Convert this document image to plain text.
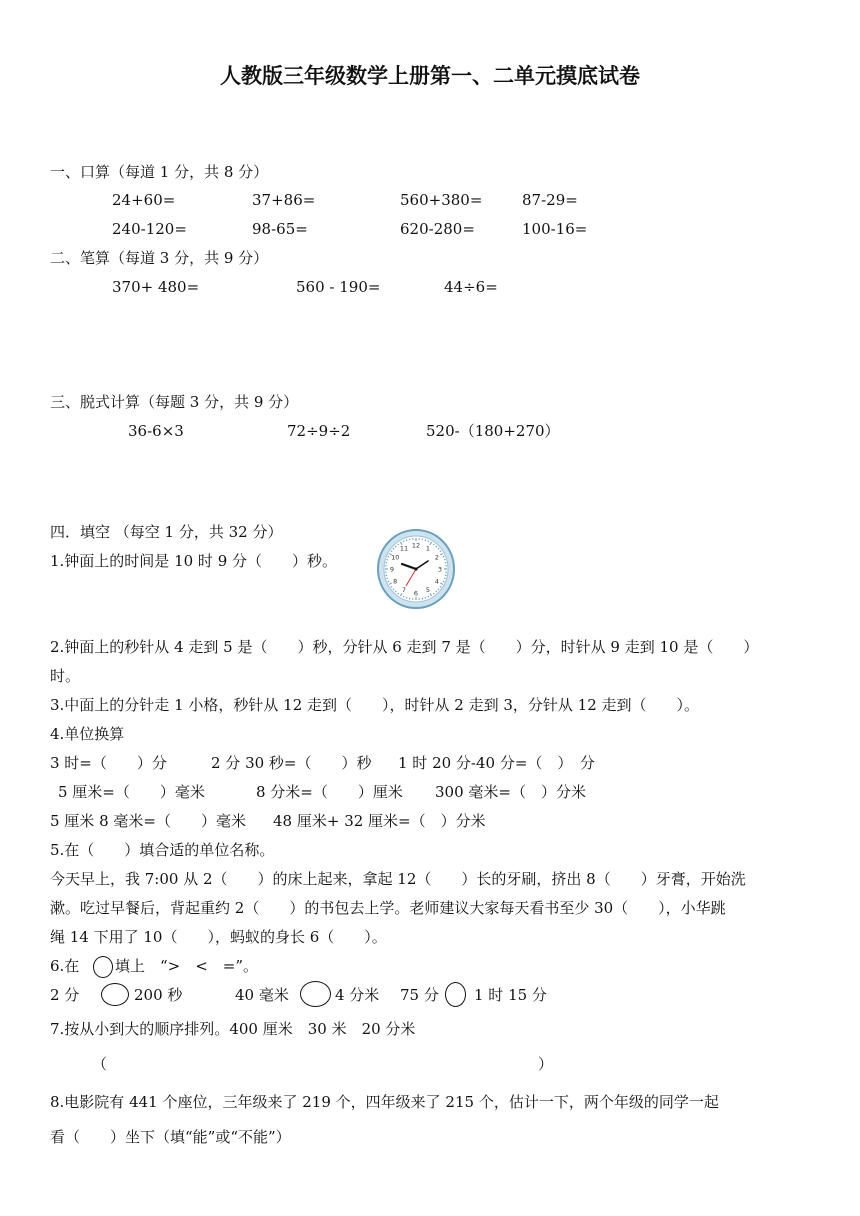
人教版三年级数学上册第一、二单元摸底试卷
一、口算（每道 1 分，共 8 分）
24+60=	37+86=	560+380=	87-29=
240-120=	98-65=	620-280=	100-16=
二、笔算（每道 3 分，共 9 分）
370+ 480=	560 - 190=	44÷6=
三、脱式计算（每题 3 分，共 9 分）
36-6×3	72÷9÷2	520-（180+270）
四．填空 （每空 1 分，共 32 分）
1.钟面上的时间是 10 时 9 分（　　）秒。
12 1
2
3
4
5
6
7
8
9
10
11
2.钟面上的秒针从 4 走到 5 是（　　）秒，分针从 6 走到 7 是（　　）分，时针从 9 走到 10 是（　　）
时。
3.中面上的分针走 1 小格，秒针从 12 走到（　　），时针从 2 走到 3，分针从 12 走到（　　）。
4.单位换算
3 时=（　　）分	2 分 30 秒=（　　）秒 1 时 20 分-40 分=（　）　分
5 厘米=（　　）毫米	8 分米=（　　）厘米 300 毫米=（　）分米
5 厘米 8 毫米=（　　）毫米 48 厘米+ 32 厘米=（　）分米
5.在（　　）填合适的单位名称。
今天早上，我 7:00 从 2（　　）的床上起来，拿起 12（　　）长的牙刷，挤出 8（　　）牙膏，开始洗
漱。吃过早餐后，背起重约 2（　　）的书包去上学。老师建议大家每天看书至少 30（　　），小华跳
绳 14 下用了 10（　　），蚂蚁的身长 6（　　）。
6.在 填上　“>　<　=”。
2 分	200 秒	40 毫米	4 分米 75 分 1 时 15 分
7.按从小到大的顺序排列。400 厘米　30 米　20 分米
（	）
8.电影院有 441 个座位，三年级来了 219 个，四年级来了 215 个，估计一下，两个年级的同学一起
看（　　）坐下（填“能”或“不能”）
